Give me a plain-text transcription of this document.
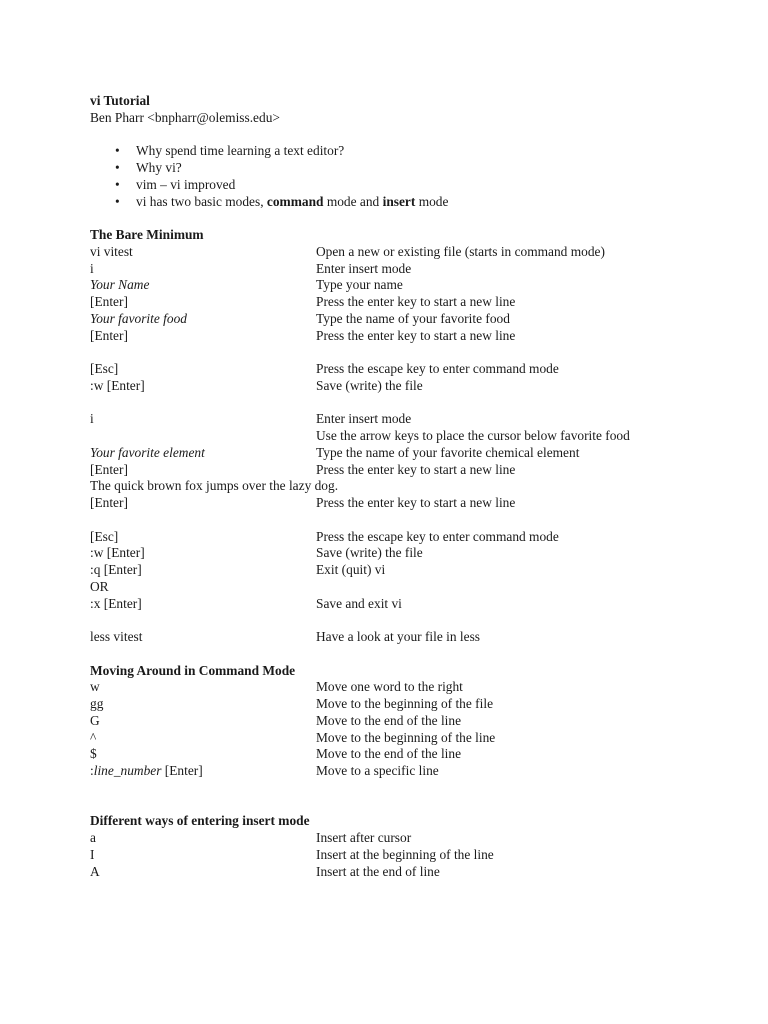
vi Tutorial
Ben Pharr <bnpharr@olemiss.edu>
• Why spend time learning a text editor?
• Why vi?
• vim – vi improved
• vi has two basic modes, command mode and insert mode
The Bare Minimum
vi vitest	Open a new or existing file (starts in command mode)
i	Enter insert mode
Your Name	Type your name
[Enter]	Press the enter key to start a new line
Your favorite food	Type the name of your favorite food
[Enter]	Press the enter key to start a new line
[Esc]	Press the escape key to enter command mode
:w [Enter]	Save (write) the file
i	Enter insert mode
Use the arrow keys to place the cursor below favorite food
Your favorite element	Type the name of your favorite chemical element
[Enter]	Press the enter key to start a new line
The quick brown fox jumps over the lazy dog.
[Enter]	Press the enter key to start a new line
[Esc]	Press the escape key to enter command mode
:w [Enter]	Save (write) the file
:q [Enter]	Exit (quit) vi
OR
:x [Enter]	Save and exit vi
less vitest	Have a look at your file in less
Moving Around in Command Mode
w	Move one word to the right
gg	Move to the beginning of the file
G	Move to the end of the line
^	Move to the beginning of the line
$	Move to the end of the line
:line_number [Enter]	Move to a specific line
Different ways of entering insert mode
a	Insert after cursor
I	Insert at the beginning of the line
A	Insert at the end of line
